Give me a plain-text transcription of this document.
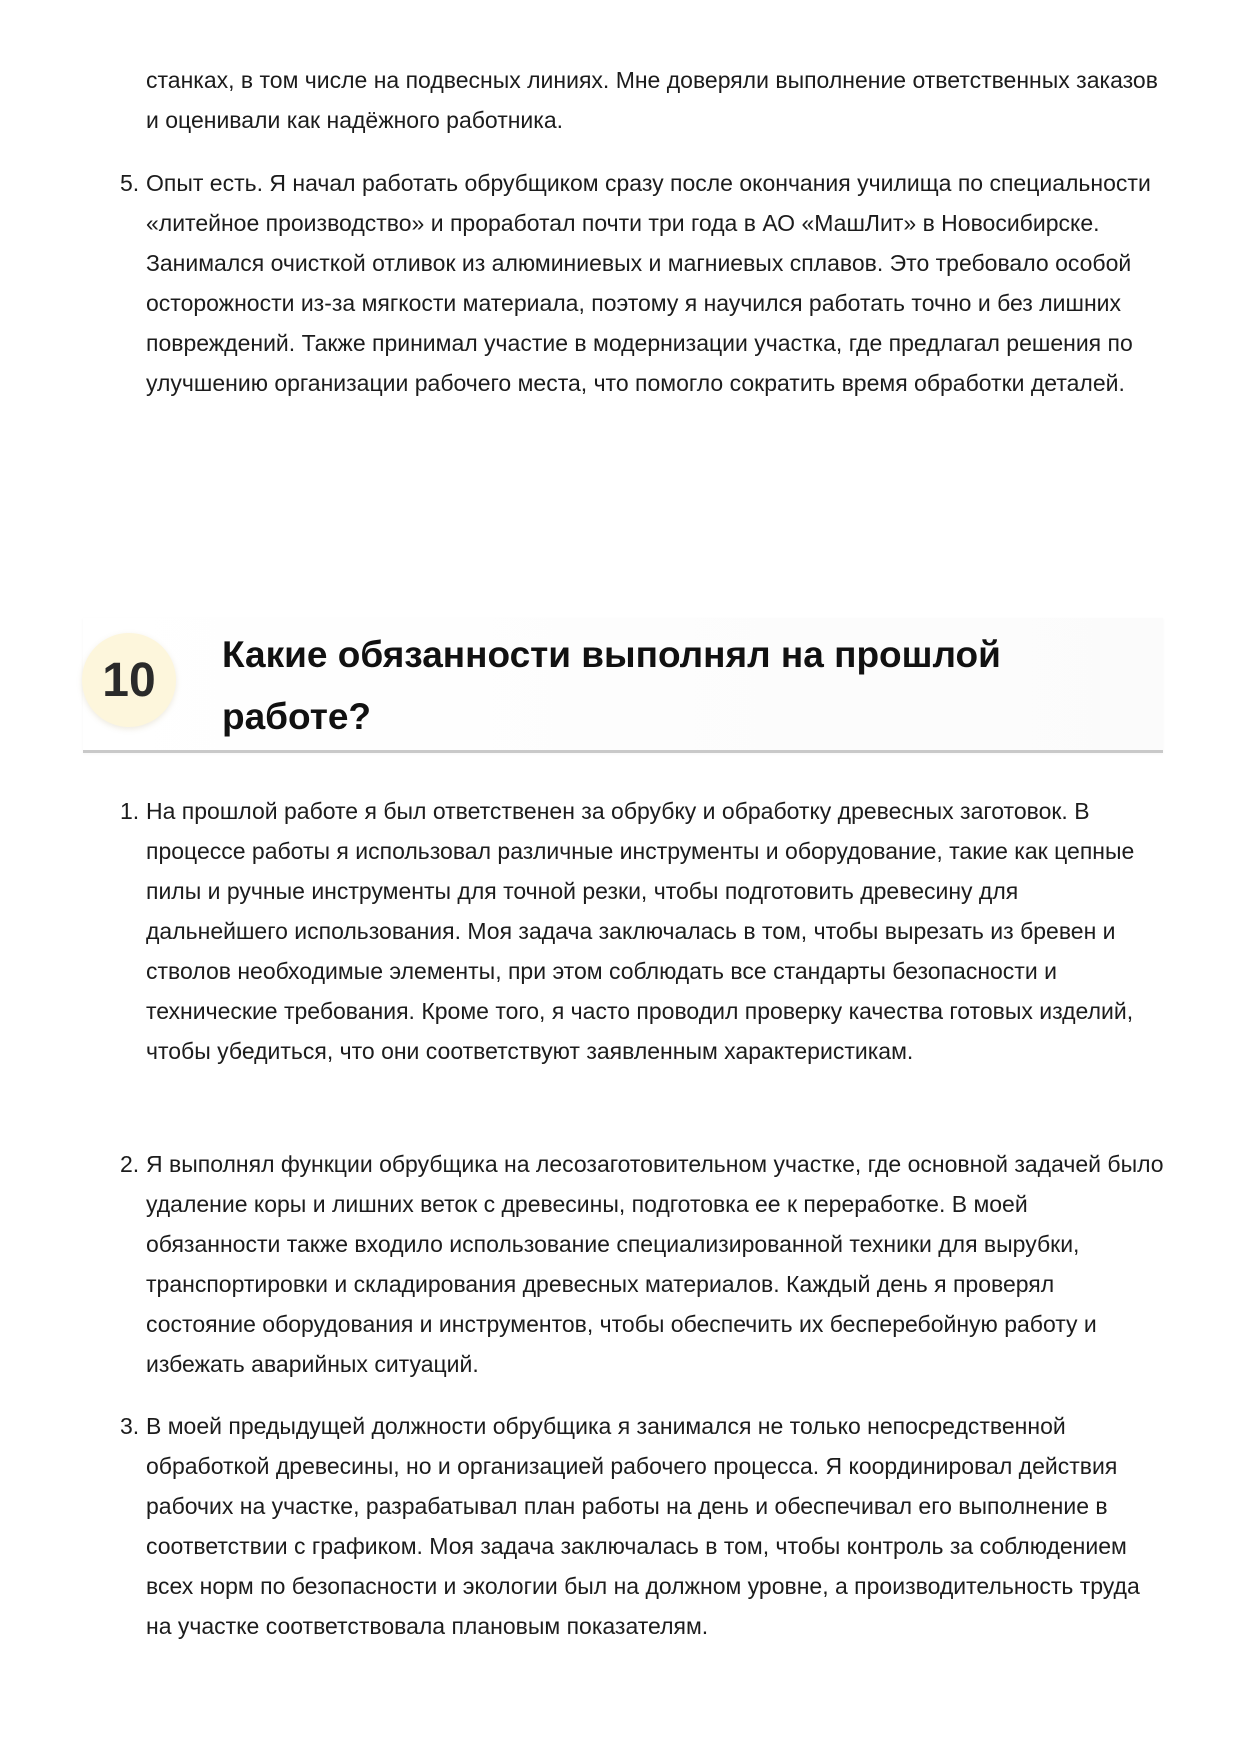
станках, в том числе на подвесных линиях. Мне доверяли выполнение ответственных заказов и оценивали как надёжного работника.
5. Опыт есть. Я начал работать обрубщиком сразу после окончания училища по специальности «литейное производство» и проработал почти три года в АО «МашЛит» в Новосибирске. Занимался очисткой отливок из алюминиевых и магниевых сплавов. Это требовало особой осторожности из-за мягкости материала, поэтому я научился работать точно и без лишних повреждений. Также принимал участие в модернизации участка, где предлагал решения по улучшению организации рабочего места, что помогло сократить время обработки деталей.
10	Какие обязанности выполнял на прошлой работе?
1. На прошлой работе я был ответственен за обрубку и обработку древесных заготовок. В процессе работы я использовал различные инструменты и оборудование, такие как цепные пилы и ручные инструменты для точной резки, чтобы подготовить древесину для дальнейшего использования. Моя задача заключалась в том, чтобы вырезать из бревен и стволов необходимые элементы, при этом соблюдать все стандарты безопасности и технические требования. Кроме того, я часто проводил проверку качества готовых изделий, чтобы убедиться, что они соответствуют заявленным характеристикам.
2. Я выполнял функции обрубщика на лесозаготовительном участке, где основной задачей было удаление коры и лишних веток с древесины, подготовка ее к переработке. В моей обязанности также входило использование специализированной техники для вырубки, транспортировки и складирования древесных материалов. Каждый день я проверял состояние оборудования и инструментов, чтобы обеспечить их бесперебойную работу и избежать аварийных ситуаций.
3. В моей предыдущей должности обрубщика я занимался не только непосредственной обработкой древесины, но и организацией рабочего процесса. Я координировал действия рабочих на участке, разрабатывал план работы на день и обеспечивал его выполнение в соответствии с графиком. Моя задача заключалась в том, чтобы контроль за соблюдением всех норм по безопасности и экологии был на должном уровне, а производительность труда на участке соответствовала плановым показателям.
